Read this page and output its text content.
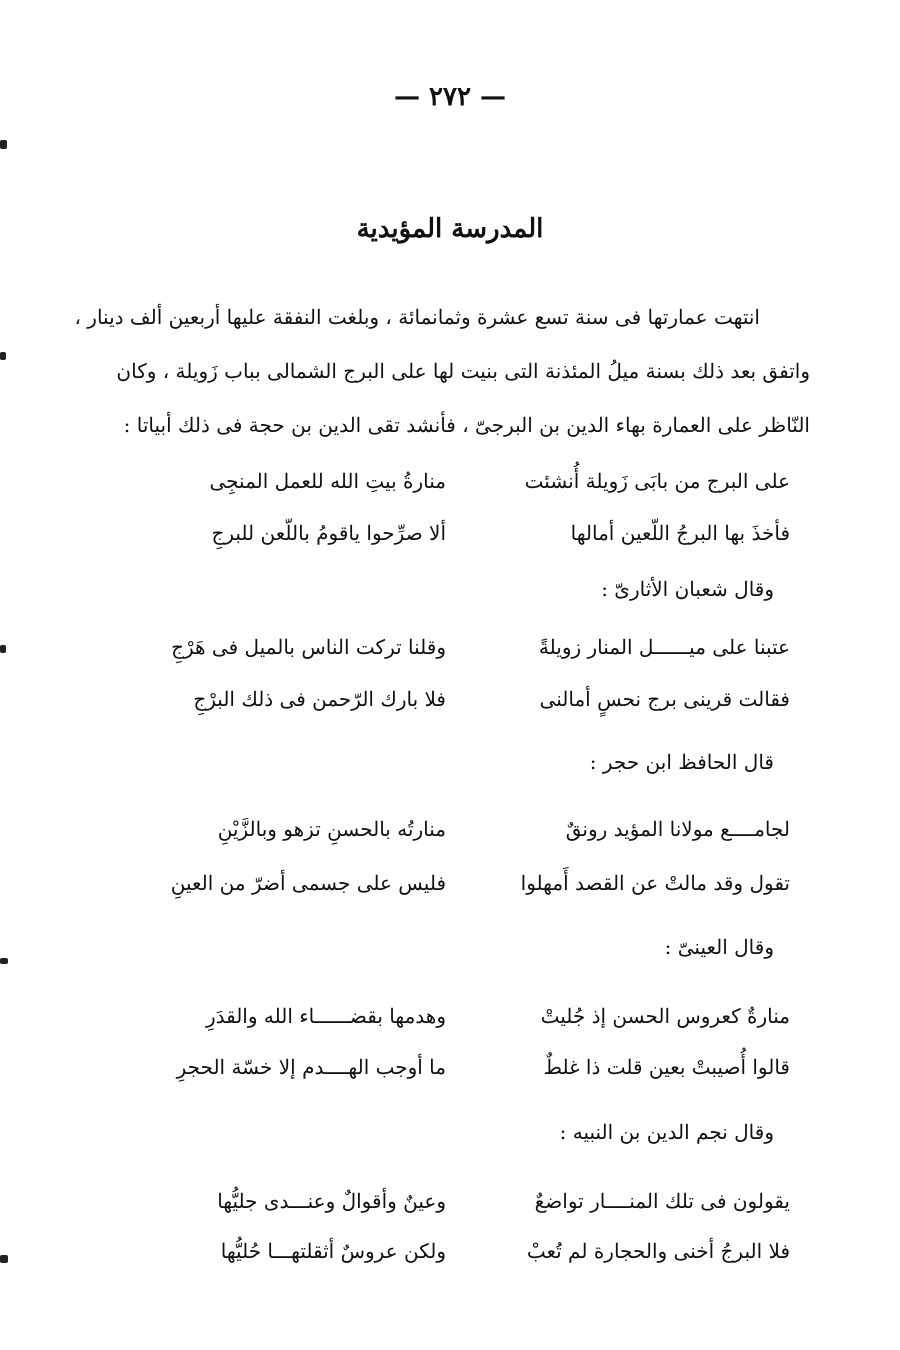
— ٢٧٢ —
المدرسة المؤيدية
انتهت عمارتها فى سنة تسع عشرة وثمانمائة ، وبلغت النفقة عليها أربعين ألف دينار ،
واتفق بعد ذلك بسنة ميلُ المئذنة التى بنيت لها على البرج الشمالى بباب زَويلة ، وكان
النّاظر على العمارة بهاء الدين بن البرجىّ ، فأنشد تقى الدين بن حجة فى ذلك أبياتا :
على البرج من بابَى زَويلة أُنشئت
منارةُ بيتِ الله للعمل المنجِى
فأخذَ بها البرجُ اللّعين أمالها
ألا صرِّحوا ياقومُ باللّعن للبرجِ
وقال شعبان الأثارىّ :
عتبنا على ميــــــل المنار زويلةً
وقلنا تركت الناس بالميل فى هَرْجِ
فقالت قرينى برج نحسٍ أمالنى
فلا بارك الرّحمن فى ذلك البرْجِ
قال الحافظ ابن حجر :
لجامــــع مولانا المؤيد رونقٌ
منارتُه بالحسنِ تزهو وبالزَّيْنِ
تقول وقد مالتْ عن القصد أَمهلوا
فليس على جسمى أضرّ من العينِ
وقال العينىّ :
منارةٌ كعروس الحسن إذ جُليتْ
وهدمها بقضــــــاء الله والقدَرِ
قالوا أُصيبتْ بعين قلت ذا غلطٌ
ما أوجب الهــــدم إلا خسّة الحجرِ
وقال نجم الدين بن النبيه :
يقولون فى تلك المنــــار تواضعٌ
وعينٌ وأقوالٌ وعنـــدى جليُّها
فلا البرجُ أخنى والحجارة لم تُعبْ
ولكن عروسٌ أثقلتهـــا حُليُّها
